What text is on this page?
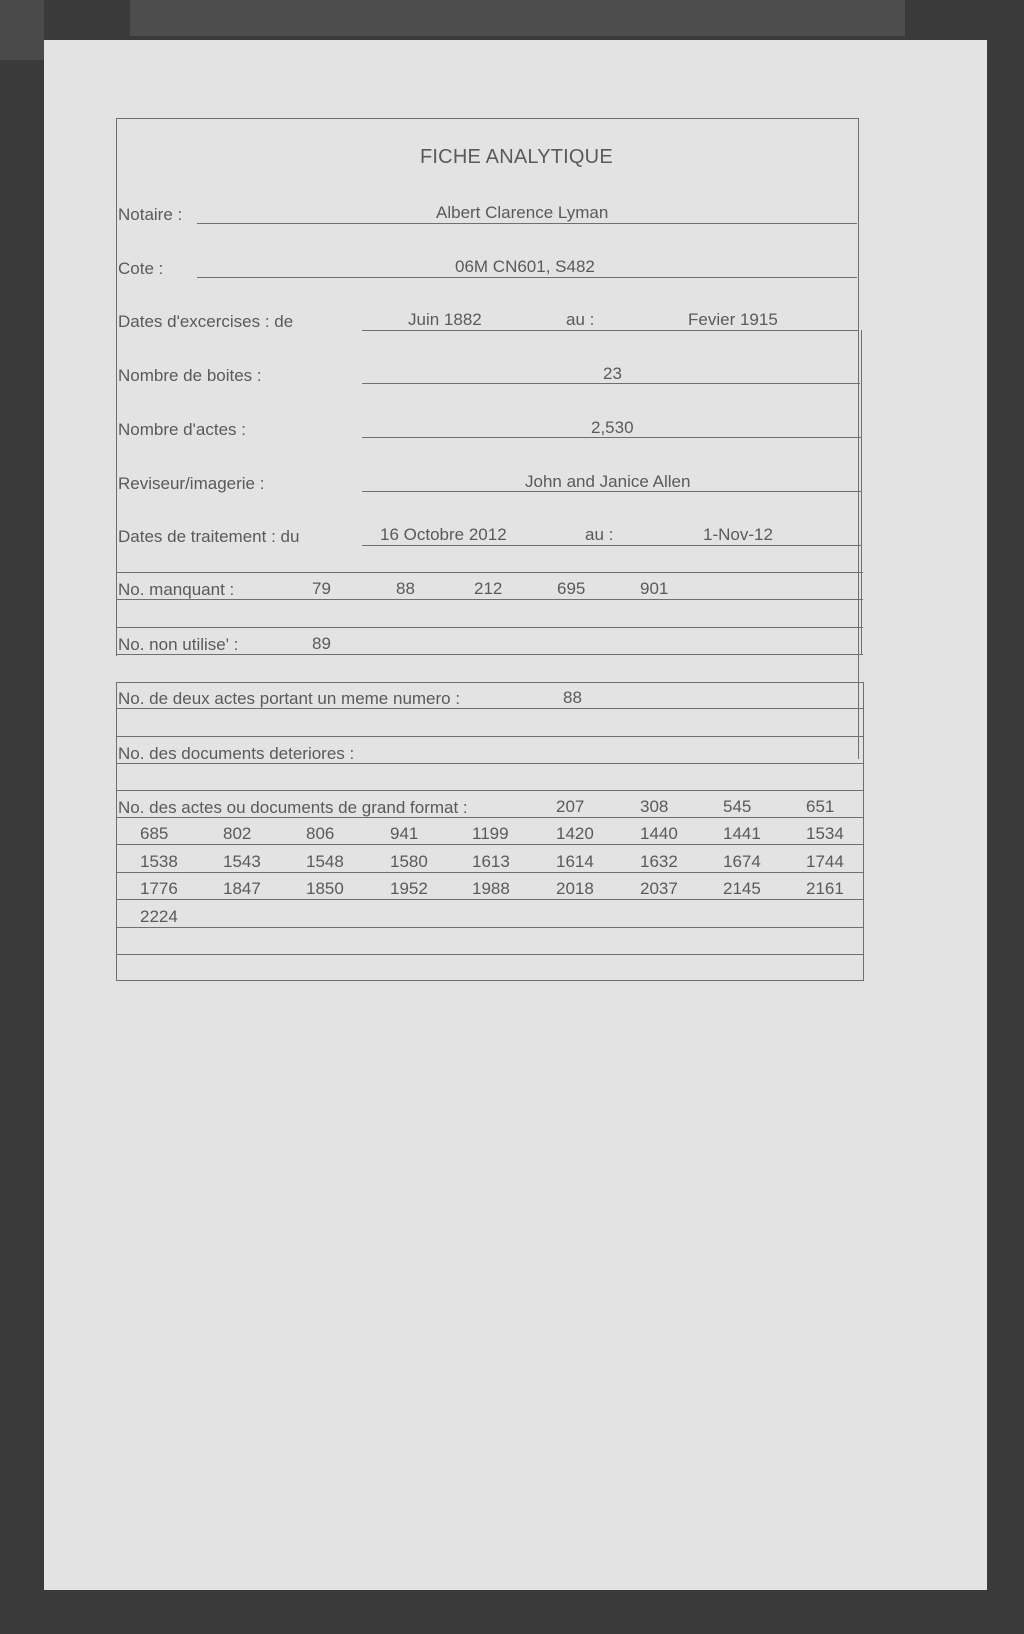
FICHE ANALYTIQUE
Notaire :	Albert Clarence Lyman
Cote :	06M CN601, S482
Dates d'excercises : de	Juin 1882	au :	Fevier 1915
Nombre de boites :	23
Nombre d'actes :	2,530
Reviseur/imagerie :	John and Janice Allen
Dates de traitement : du	16 Octobre 2012	au :	1-Nov-12
No. manquant :	79	88	212	695	901
No. non utilise' :	89
No. de deux actes portant un meme numero :	88
No. des documents deteriores :
No. des actes ou documents de grand format :	207	308	545	651
685	802	806	941	1199	1420	1440	1441	1534
1538	1543	1548	1580	1613	1614	1632	1674	1744
1776	1847	1850	1952	1988	2018	2037	2145	2161
2224
